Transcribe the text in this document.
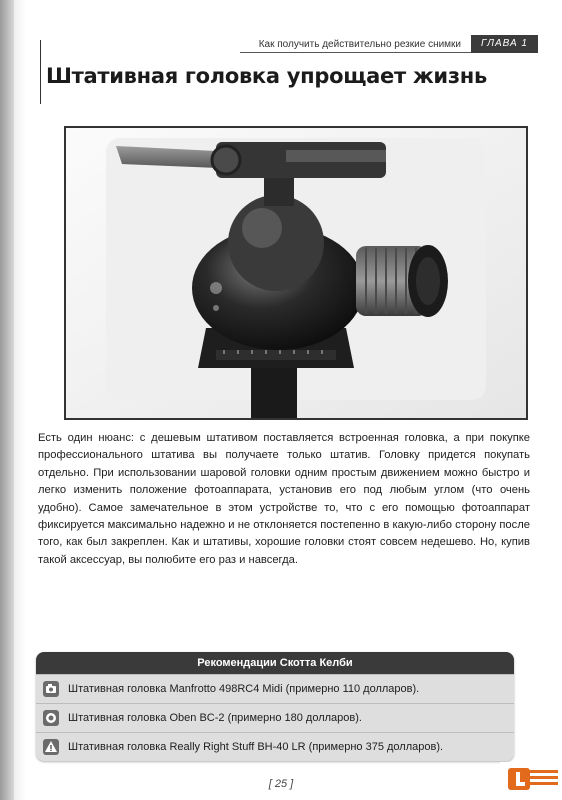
Как получить действительно резкие снимки	ГЛАВА 1
Штативная головка упрощает жизнь

Есть один нюанс: с дешевым штативом поставляется встроенная головка, а при покупке профессионального штатива вы получаете только штатив. Головку придется покупать отдельно. При использовании шаровой головки одним простым движением можно быстро и легко изменить положение фотоаппарата, установив его под любым углом (что очень удобно). Самое замечательное в этом устройстве то, что с его помощью фотоаппарат фиксируется максимально надежно и не отклоняется постепенно в какую-либо сторону после того, как был закреплен. Как и штативы, хорошие головки стоят совсем недешево. Но, купив такой аксессуар, вы полюбите его раз и навсегда.

Рекомендации Скотта Келби
Штативная головка Manfrotto 498RC4 Midi (примерно 110 долларов).
Штативная головка Oben BC-2 (примерно 180 долларов).
Штативная головка Really Right Stuff BH-40 LR (примерно 375 долларов).
[ 25 ]
